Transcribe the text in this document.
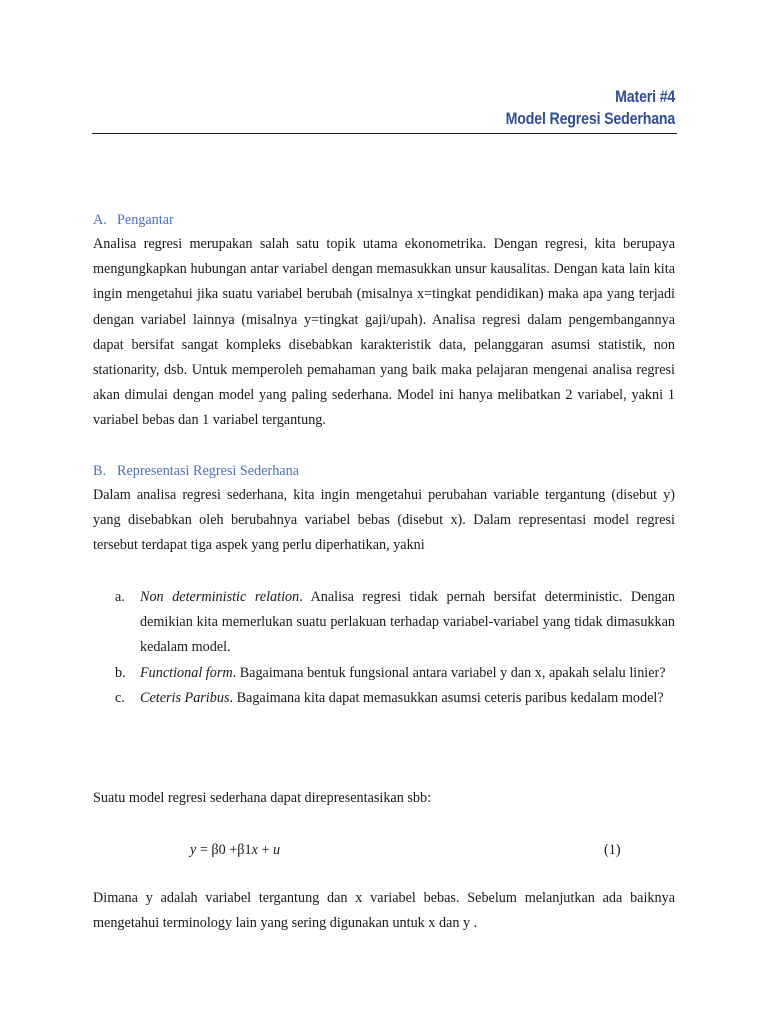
Materi #4
Model Regresi Sederhana
A. Pengantar

Analisa regresi merupakan salah satu topik utama ekonometrika. Dengan regresi, kita berupaya mengungkapkan hubungan antar variabel dengan memasukkan unsur kausalitas. Dengan kata lain kita ingin mengetahui jika suatu variabel berubah (misalnya x=tingkat pendidikan) maka apa yang terjadi dengan variabel lainnya (misalnya y=tingkat gaji/upah). Analisa regresi dalam pengembangannya dapat bersifat sangat kompleks disebabkan karakteristik data, pelanggaran asumsi statistik, non stationarity, dsb. Untuk memperoleh pemahaman yang baik maka pelajaran mengenai analisa regresi akan dimulai dengan model yang paling sederhana. Model ini hanya melibatkan 2 variabel, yakni 1 variabel bebas dan 1 variabel tergantung.

B. Representasi Regresi Sederhana

Dalam analisa regresi sederhana, kita ingin mengetahui perubahan variable tergantung (disebut y) yang disebabkan oleh berubahnya variabel bebas (disebut x). Dalam representasi model regresi tersebut terdapat tiga aspek yang perlu diperhatikan, yakni

a. Non deterministic relation. Analisa regresi tidak pernah bersifat deterministic. Dengan demikian kita memerlukan suatu perlakuan terhadap variabel-variabel yang tidak dimasukkan kedalam model.
b. Functional form. Bagaimana bentuk fungsional antara variabel y dan x, apakah selalu linier?
c. Ceteris Paribus. Bagaimana kita dapat memasukkan asumsi ceteris paribus kedalam model?

Suatu model regresi sederhana dapat direpresentasikan sbb:

y = β0 +β1x + u	(1)

Dimana y adalah variabel tergantung dan x variabel bebas. Sebelum melanjutkan ada baiknya mengetahui terminology lain yang sering digunakan untuk x dan y .
